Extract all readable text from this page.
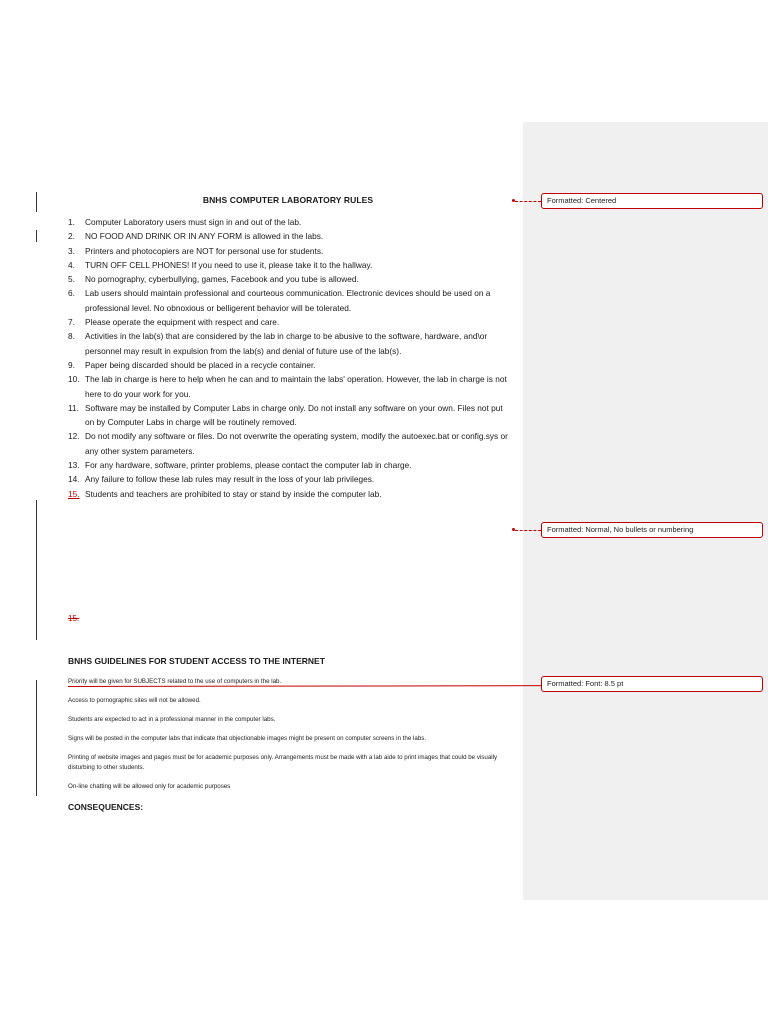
BNHS COMPUTER LABORATORY RULES
1.	Computer Laboratory users must sign in and out of the lab.
2.	NO FOOD AND DRINK OR IN ANY FORM is allowed in the labs.
3.	Printers and photocopiers are NOT for personal use for students.
4.	TURN OFF CELL PHONES! If you need to use it, please take it to the hallway.
5.	No pornography, cyberbullying, games, Facebook and you tube is allowed.
6.	Lab users should maintain professional and courteous communication. Electronic devices should be used on a professional level. No obnoxious or belligerent behavior will be tolerated.
7.	Please operate the equipment with respect and care.
8.	Activities in the lab(s) that are considered by the lab in charge to be abusive to the software, hardware, and\or personnel may result in expulsion from the lab(s) and denial of future use of the lab(s).
9.	Paper being discarded should be placed in a recycle container.
10. The lab in charge is here to help when he can and to maintain the labs' operation. However, the lab in charge is not here to do your work for you.
11. Software may be installed by Computer Labs in charge only. Do not install any software on your own. Files not put on by Computer Labs in charge will be routinely removed.
12. Do not modify any software or files. Do not overwrite the operating system, modify the autoexec.bat or config.sys or any other system parameters.
13. For any hardware, software, printer problems, please contact the computer lab in charge.
14. Any failure to follow these lab rules may result in the loss of your lab privileges.
15. Students and teachers are prohibited to stay or stand by inside the computer lab.
15.
BNHS GUIDELINES FOR STUDENT ACCESS TO THE INTERNET
Priority will be given for SUBJECTS related to the use of computers in the lab.
Access to pornographic sites will not be allowed.
Students are expected to act in a professional manner in the computer labs.
Signs will be posted in the computer labs that indicate that objectionable images might be present on computer screens in the labs.
Printing of website images and pages must be for academic purposes only. Arrangements must be made with a lab aide to print images that could be visually disturbing to other students.
On-line chatting will be allowed only for academic purposes
CONSEQUENCES:
Formatted: Centered
Formatted: Normal, No bullets or numbering
Formatted: Font: 8.5 pt
